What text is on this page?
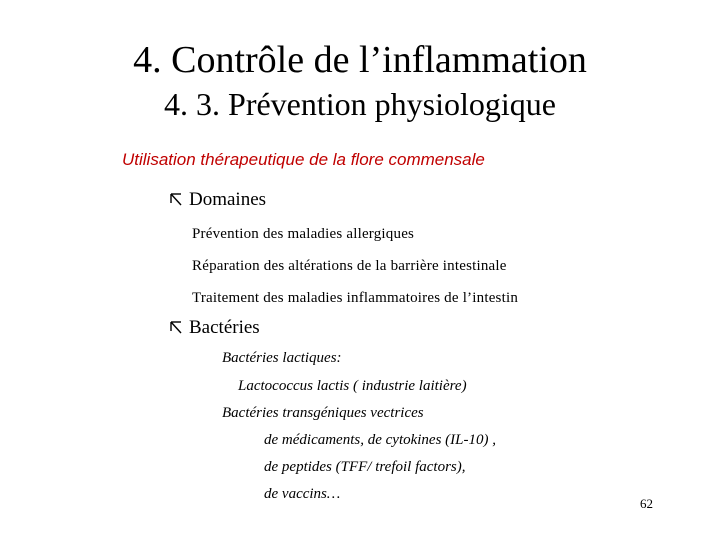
4. Contrôle de l’inflammation
4. 3. Prévention physiologique
Utilisation thérapeutique de la flore commensale
Domaines
Prévention des maladies allergiques
Réparation des altérations de la barrière intestinale
Traitement des maladies inflammatoires de l’intestin
Bactéries
Bactéries lactiques:
Lactococcus lactis ( industrie laitière)
Bactéries transgéniques vectrices
de médicaments, de cytokines (IL-10) ,
de peptides (TFF/ trefoil factors),
de vaccins…
62
